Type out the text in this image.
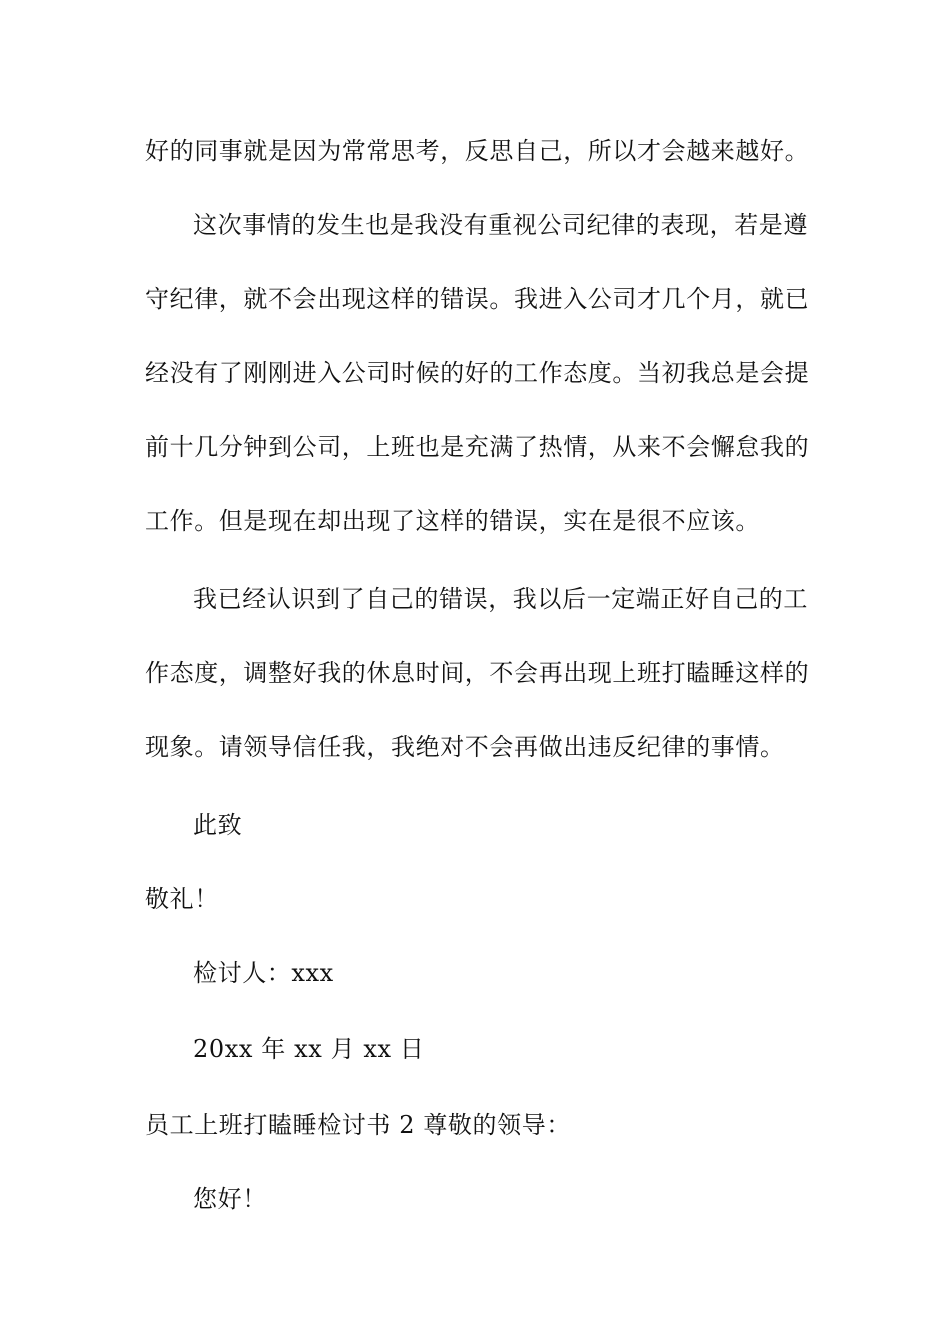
好的同事就是因为常常思考，反思自己，所以才会越来越好。
这次事情的发生也是我没有重视公司纪律的表现，若是遵
守纪律，就不会出现这样的错误。我进入公司才几个月，就已
经没有了刚刚进入公司时候的好的工作态度。当初我总是会提
前十几分钟到公司，上班也是充满了热情，从来不会懈怠我的
工作。但是现在却出现了这样的错误，实在是很不应该。
我已经认识到了自己的错误，我以后一定端正好自己的工
作态度，调整好我的休息时间，不会再出现上班打瞌睡这样的
现象。请领导信任我，我绝对不会再做出违反纪律的事情。
此致
敬礼！
检讨人：xxx
20xx 年 xx 月 xx 日
员工上班打瞌睡检讨书 2 尊敬的领导：
您好！
